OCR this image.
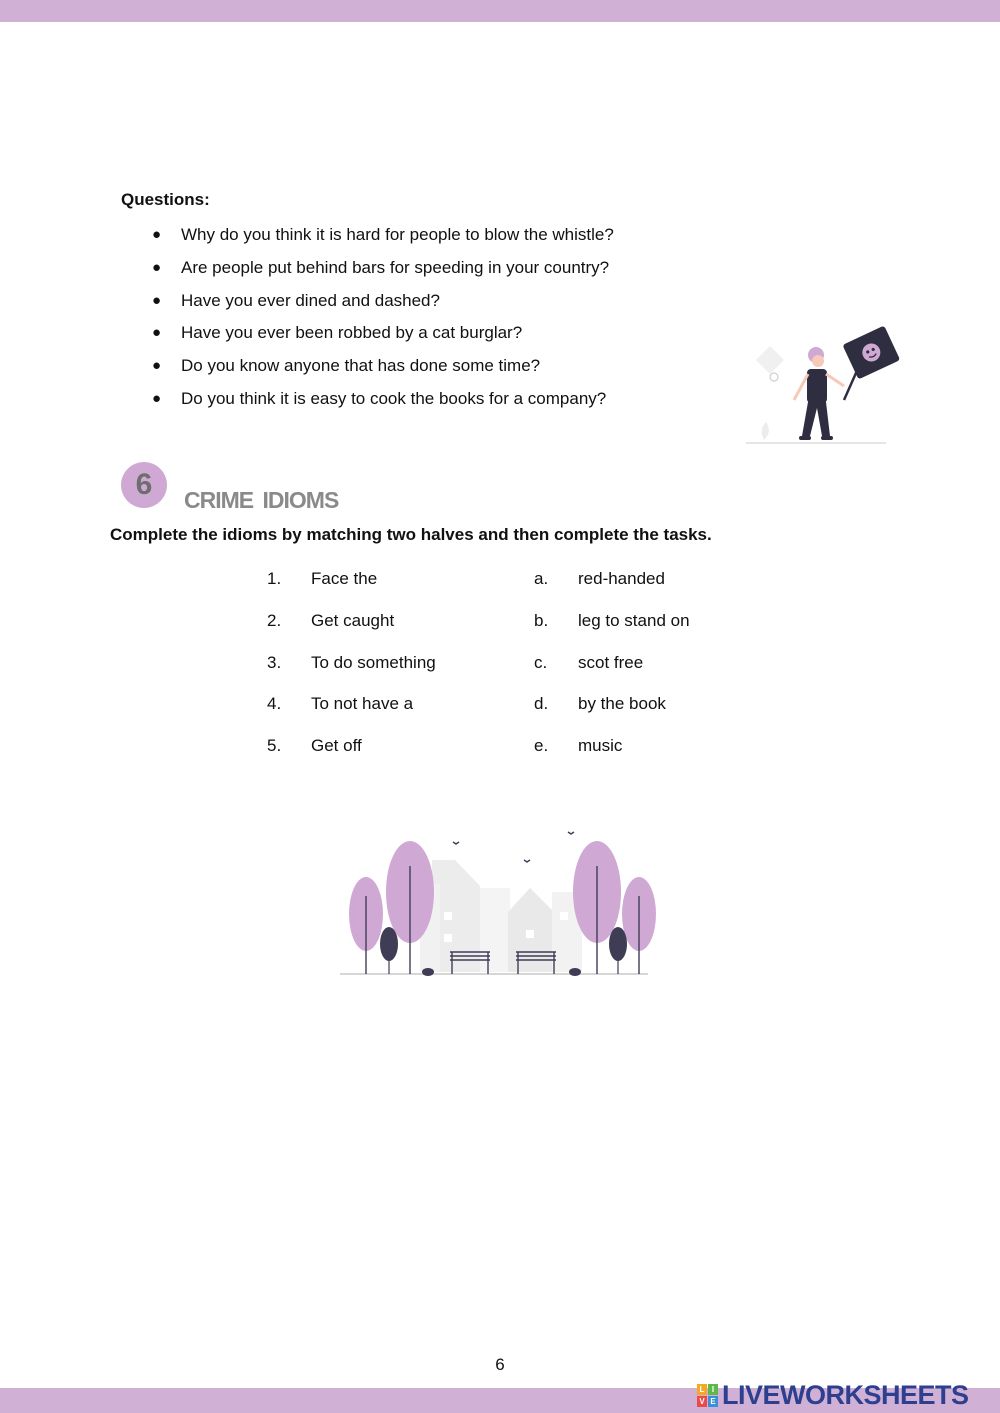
Questions:
● Why do you think it is hard for people to blow the whistle?
● Are people put behind bars for speeding in your country?
● Have you ever dined and dashed?
● Have you ever been robbed by a cat burglar?
● Do you know anyone that has done some time?
● Do you think it is easy to cook the books for a company?
6	CRIME IDIOMS
Complete the idioms by matching two halves and then complete the tasks.
1. Face the	a. red-handed
2. Get caught	b. leg to stand on
3. To do something	c. scot free
4. To not have a	d. by the book
5. Get off	e. music
6
L I
V E LIVEWORKSHEETS
